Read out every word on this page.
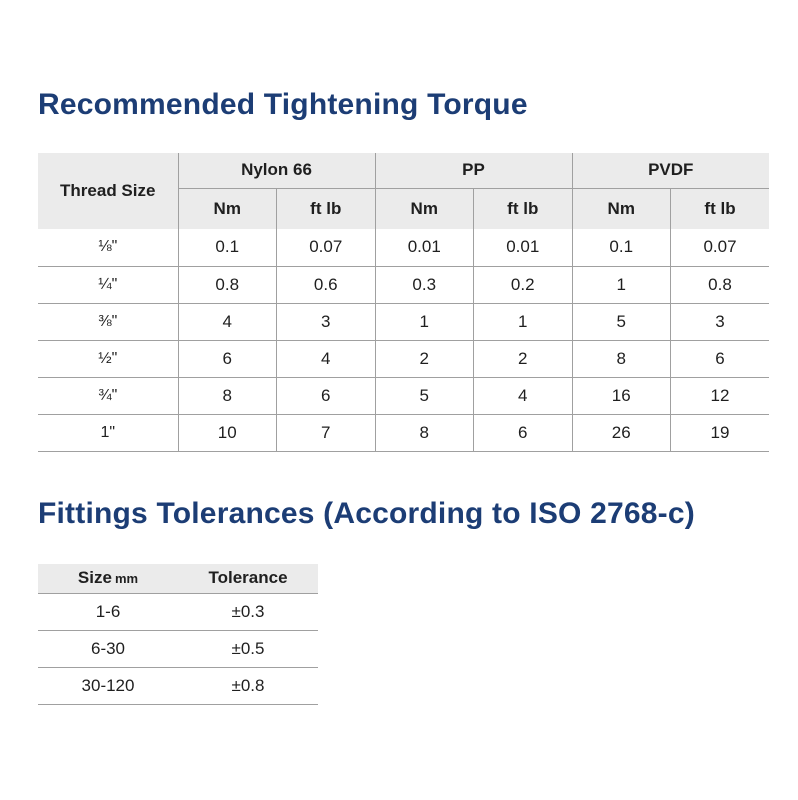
Recommended Tightening Torque
Thread Size	Nylon 66		PP		PVDF	
	Nm	ft lb	Nm	ft lb	Nm	ft lb
⅛"	0.1	0.07	0.01	0.01	0.1	0.07
¼"	0.8	0.6	0.3	0.2	1	0.8
⅜"	4	3	1	1	5	3
½"	6	4	2	2	8	6
¾"	8	6	5	4	16	12
1"	10	7	8	6	26	19
Fittings Tolerances (According to ISO 2768-c)
Size mm	Tolerance
1-6	±0.3
6-30	±0.5
30-120	±0.8
